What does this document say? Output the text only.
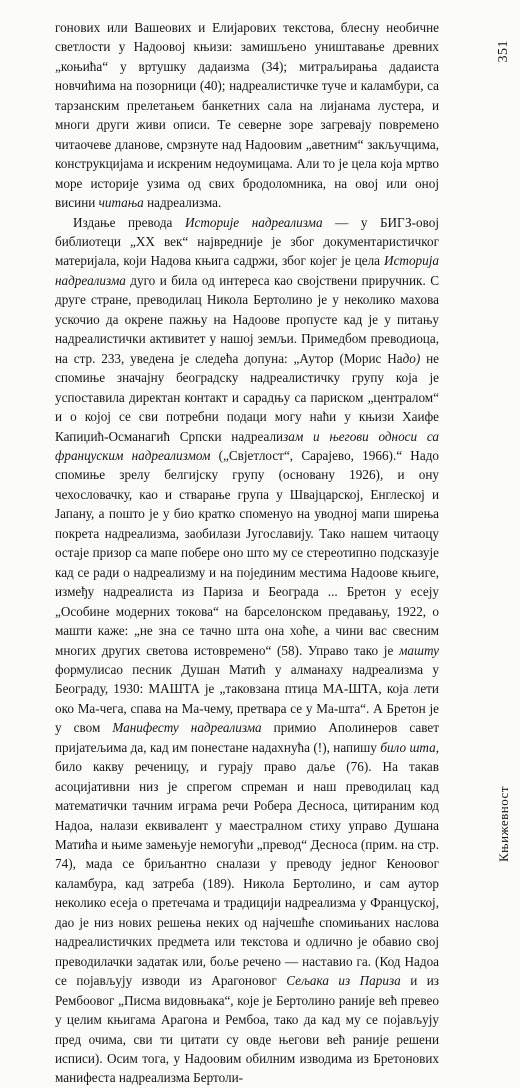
351
Књижевност

гонових или Вашеових и Елијарових текстова, блесну необичне светлости у Надоовој књизи: замишљено уништавање древних „коњића“ у вртушку дадаизма (34); митраљирања дадаиста новчићима на позорници (40); надреалистичке туче и каламбури, са тарзанским прелетањем банкетних сала на лијанама лустера, и многи други живи описи. Те северне зоре загревају повремено читаочеве дланове, смрзнуте над Надоовим „аветним“ закључцима, конструкцијама и искреним недоумицама. Али то је цела која мртво море историје узима од свих бродоломника, на овој или оној висини читања надреализма.

Издање превода Историје надреализма — у БИГЗ-овој библиотеци „XX век“ највредније је због документаристичког материјала, који Надова књига садржи, због којег је цела Историја надреализма дуго и била од интереса као својствени приручник. С друге стране, преводилац Никола Бертолино је у неколико махова ускочио да окрене пажњу на Надоове пропусте кад је у питању надреалистички активитет у нашој земљи. Примедбом преводиоца, на стр. 233, уведена је следећа допуна: „Аутор (Морис Надо) не спомиње значајну београдску надреалистичку групу која је успоставила директан контакт и сарадњу са париском „централом“ и о којој се сви потребни подаци могу наћи у књизи Хаифе Капиџић-Османагић Српски надреализам и његови односи са француским надреализмом („Свјетлост“, Сарајево, 1966).“ Надо спомиње зрелу белгијску групу (основану 1926), и ону чехословачку, као и стварање група у Швајцарској, Енглеској и Јапану, а пошто је у био кратко споменуо на уводној мапи ширења покрета надреализма, заобилази Југославију. Тако нашем читаоцу остаје призор са мапе побере оно што му се стереотипно подсказује кад се ради о надреализму и на појединим местима Надоове књиге, између надреалиста из Париза и Београда ... Бретон у есеју „Особине модерних токова“ на барселонском предавању, 1922, о машти каже: „не зна се тачно шта она хоће, а чини вас свесним многих других светова истовремено“ (58). Управо тако је машту формулисао песник Душан Матић у алманаху надреализма у Београду, 1930: МАШТА је „таковзана птица МА-ШТА, која лети око Ма-чега, спава на Ма-чему, претвара се у Ма-шта“. А Бретон је у свом Манифесту надреализма примио Аполинеров савет пријатељима да, кад им понестане надахнућа (!), напишу било шта, било какву реченицу, и гурају право даље (76). На такав асоцијативни низ је спрегом спреман и наш преводилац кад математички тачним играма речи Робера Десноса, цитираним код Надоа, налази еквивалент у маестралном стиху управо Душана Матића и њиме замењује немогући „превод“ Десноса (прим. на стр. 74), мада се бриљантно сналази у преводу једног Кеноовог каламбура, кад затреба (189). Никола Бертолино, и сам аутор неколико есеја о претечама и традицији надреализма у Француској, дао је низ нових решења неких од најчешће спомињаних наслова надреалистичких предмета или текстова и одлично је обавио свој преводилачки задатак или, боље речено — наставио га. (Код Надоа се појављују изводи из Арагоновог Сељака из Париза и из Рембоовог „Писма видовњака“, које је Бертолино раније већ превео у целим књигама Арагона и Рембоа, тако да кад му се појављују пред очима, сви ти цитати су овде његови већ раније решени исписи). Осим тога, у Надоовим обилним изводима из Бретонових манифеста надреализма Бертоли-
